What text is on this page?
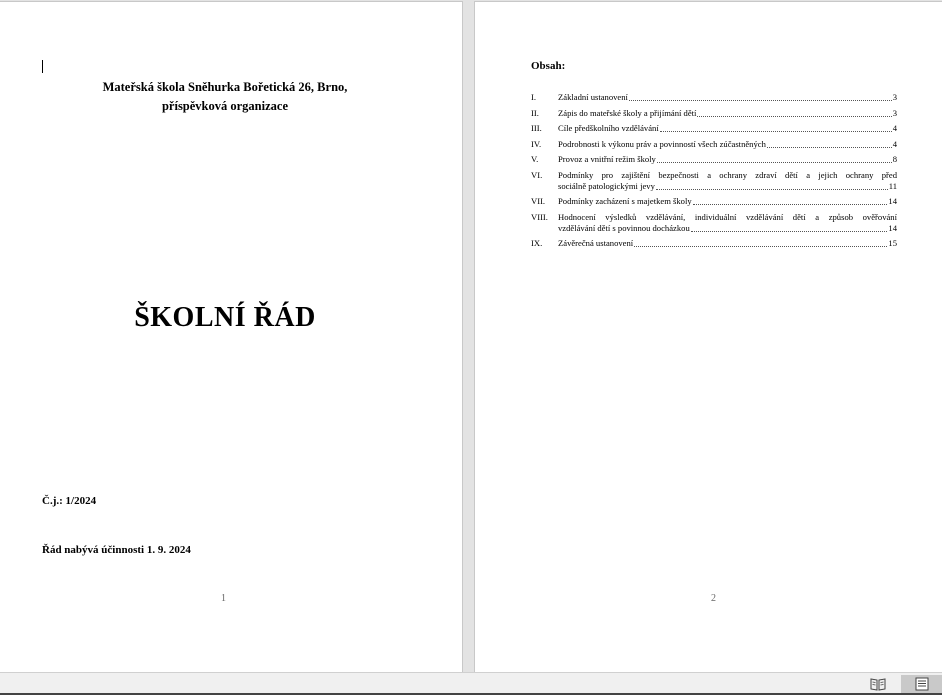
Mateřská škola Sněhurka Bořetická 26, Brno,
příspěvková organizace
ŠKOLNÍ ŘÁD
Č.j.: 1/2024
Řád nabývá účinnosti 1. 9. 2024
1
Obsah:
I.	Základní ustanovení	3
II.	Zápis do mateřské školy a přijímání dětí	3
III.	Cíle předškolního vzdělávání	4
IV.	Podrobnosti k výkonu práv a povinností všech zúčastněných	4
V.	Provoz a vnitřní režim školy	8
VI.	Podmínky pro zajištění bezpečnosti a ochrany zdraví dětí a jejich ochrany před
sociálně patologickými jevy	11
VII.	Podmínky zacházení s majetkem školy	14
VIII.	Hodnocení výsledků vzdělávání, individuální vzdělávání dětí a způsob ověřování
vzdělávání dětí s povinnou docházkou	14
IX.	Závěrečná ustanovení	15
2
